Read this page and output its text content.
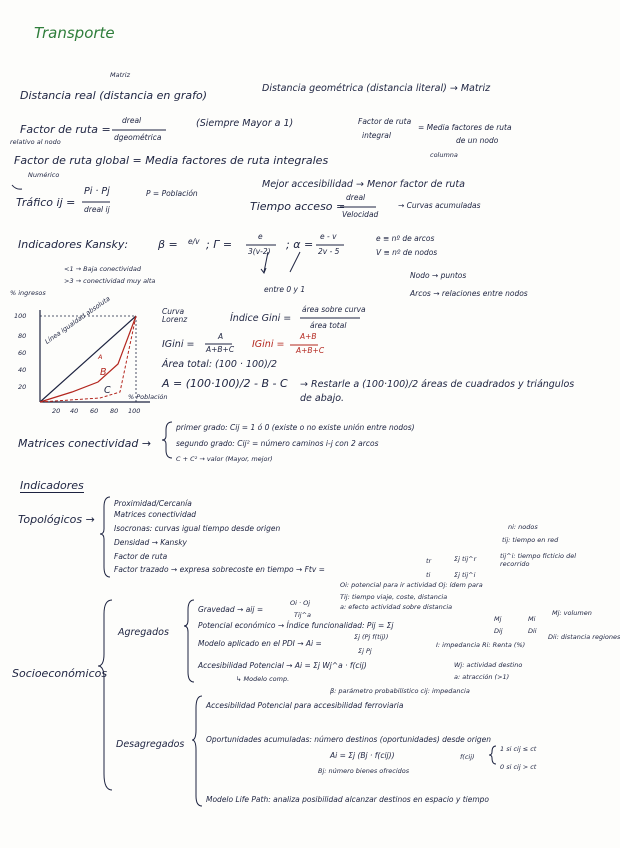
Transporte
Matriz
Distancia real (distancia en grafo)
Distancia geométrica (distancia literal) → Matriz
Factor de ruta =
dreal
dgeométrica
relativo al nodo
(Siempre Mayor a 1)	Factor de ruta
integral
= Media factores de ruta
de un nodo
columna
Factor de ruta global = Media factores de ruta integrales
Numérico
Tráfico ij =
Pi · Pj
dreal ij
P = Población
Mejor accesibilidad → Menor factor de ruta
Tiempo acceso =
dreal
Velocidad
→ Curvas acumuladas
Indicadores Kansky:	β = e/v ; Γ =
e
3(v-2)
; α =
e - v
2v - 5
e ≡ nº de arcos
V ≡ nº de nodos
<1 → Baja conectividad
>3 → conectividad muy alta
entre 0 y 1
Nodo → puntos
Arcos → relaciones entre nodos
% ingresos
100
80
60
40
20
20 40 60 80 100
% Población
Línea igualdad absoluta
A
B
C
Curva Lorenz	Índice Gini =
área sobre curva
área total
IGini =
A
A+B+C IGini =
A+B
A+B+C
Área total: (100 · 100)/2
A = (100·100)/2 - B - C → Restarle a (100·100)/2 áreas de cuadrados y triángulos de abajo.
Matrices conectividad →
primer grado: Cij = 1 ó 0 (existe o no existe unión entre nodos)
segundo grado: Cij² = número caminos i-j con 2 arcos
C + C² → valor (Mayor, mejor)
Indicadores
Topológicos →
Proximidad/Cercanía
Matrices conectividad
Isocronas: curvas igual tiempo desde origen
Densidad → Kansky
Factor de ruta
Factor trazado → expresa sobrecoste en tiempo → Ftv =
tr
ti
Σj tij^r
Σj tij^i
ni: nodos
tij: tiempo en red
tij^i: tiempo ficticio del recorrido
Socioeconómicos
Agregados
Desagregados
Oi: potencial para ir actividad Oj: ídem para
Tij: tiempo viaje, coste, distancia
a: efecto actividad sobre distancia
Gravedad → aij =
Oi · Oj
Tij^a
Potencial económico → Índice funcionalidad: Pij = Σj
Mj
Dij
Mi
Dii
Mj: volumen
Dii: distancia regiones
Modelo aplicado en el PDI → Ai =
Σj (Pj f(tij))
Σj Pj
I: impedancia Ri: Renta (%)
Accesibilidad Potencial → Ai = Σj Wj^a · f(cij)	Wj: actividad destino
↳ Modelo comp.	a: atracción (>1)
β: parámetro probabilístico cij: impedancia
Accesibilidad Potencial para accesibilidad ferroviaria
Oportunidades acumuladas: número destinos (oportunidades) desde origen
Ai = Σj (Bj · f(cij))	f(cij)
1 si cij ≤ ct
0 si cij > ct
Bj: número bienes ofrecidos
Modelo Life Path: analiza posibilidad alcanzar destinos en espacio y tiempo
